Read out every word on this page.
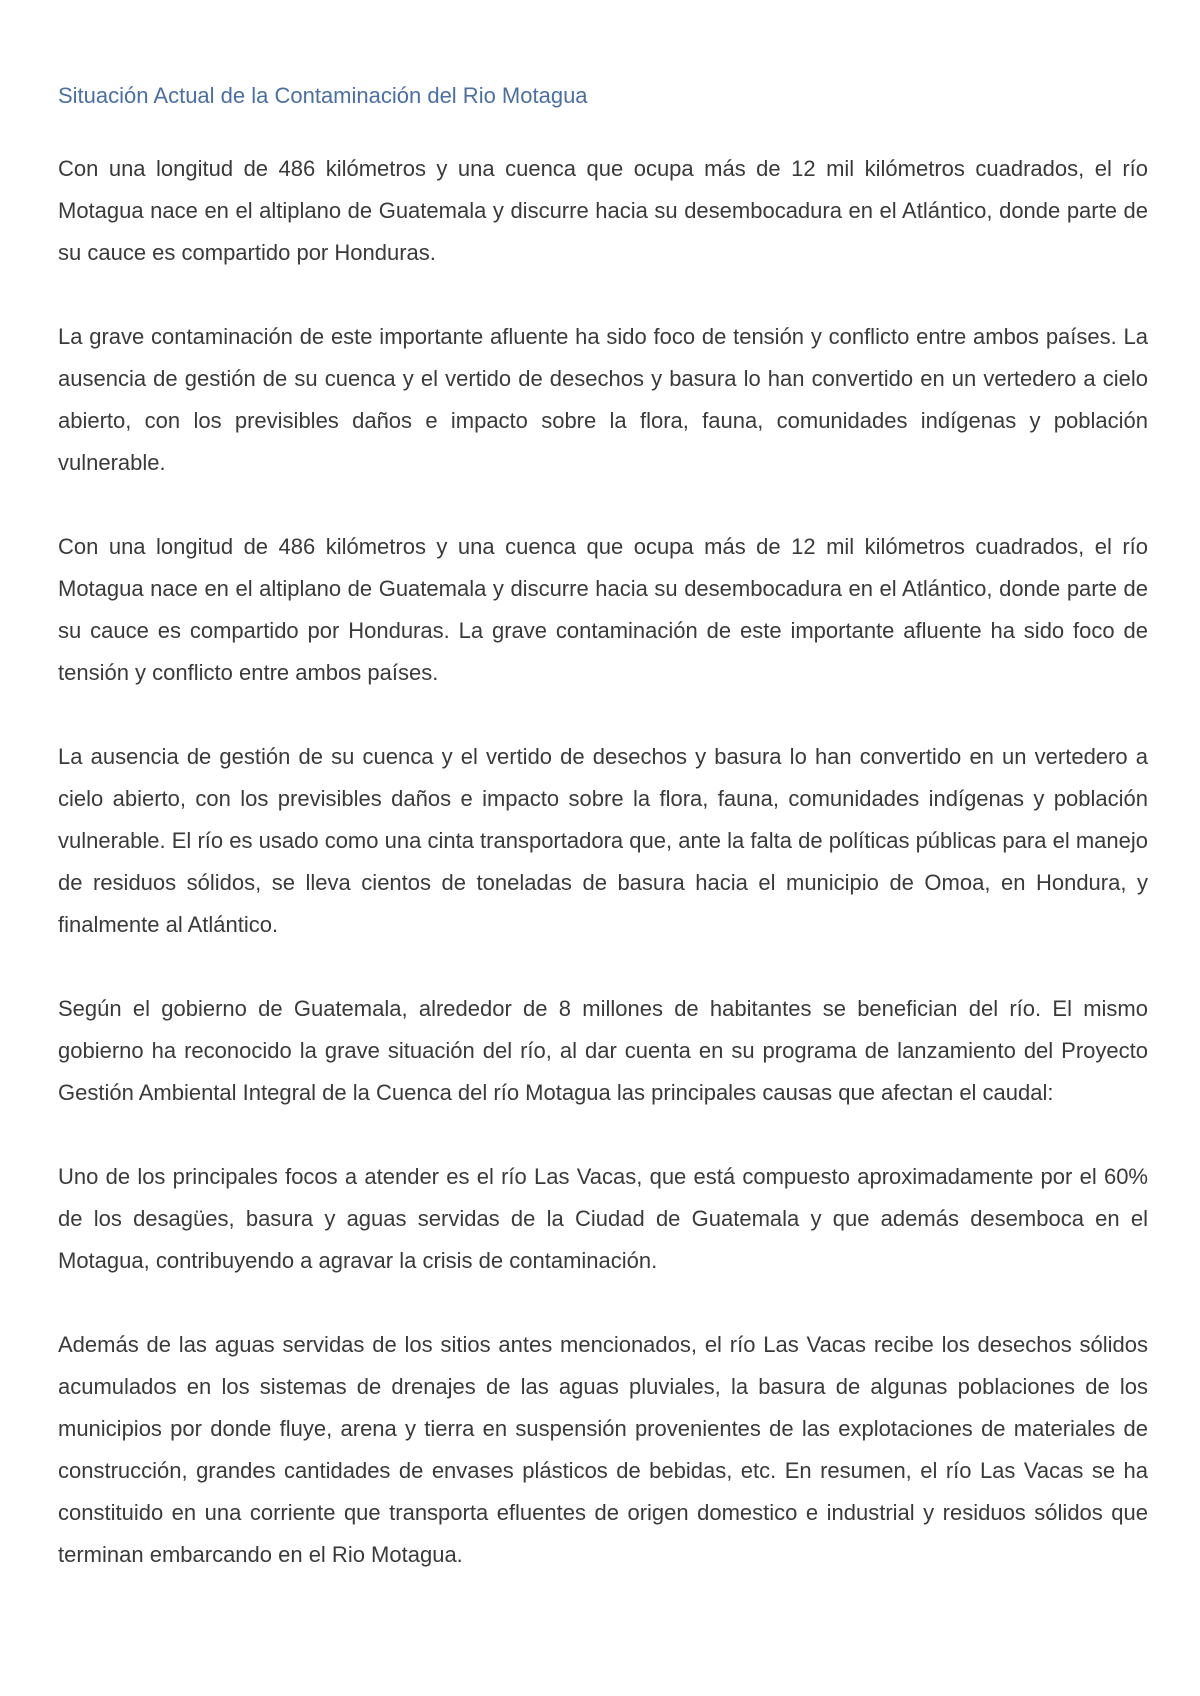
Situación Actual de la Contaminación del Rio Motagua

Con una longitud de 486 kilómetros y una cuenca que ocupa más de 12 mil kilómetros cuadrados, el río Motagua nace en el altiplano de Guatemala y discurre hacia su desembocadura en el Atlántico, donde parte de su cauce es compartido por Honduras.

La grave contaminación de este importante afluente ha sido foco de tensión y conflicto entre ambos países. La ausencia de gestión de su cuenca y el vertido de desechos y basura lo han convertido en un vertedero a cielo abierto, con los previsibles daños e impacto sobre la flora, fauna, comunidades indígenas y población vulnerable.

Con una longitud de 486 kilómetros y una cuenca que ocupa más de 12 mil kilómetros cuadrados, el río Motagua nace en el altiplano de Guatemala y discurre hacia su desembocadura en el Atlántico, donde parte de su cauce es compartido por Honduras. La grave contaminación de este importante afluente ha sido foco de tensión y conflicto entre ambos países.

La ausencia de gestión de su cuenca y el vertido de desechos y basura lo han convertido en un vertedero a cielo abierto, con los previsibles daños e impacto sobre la flora, fauna, comunidades indígenas y población vulnerable. El río es usado como una cinta transportadora que, ante la falta de políticas públicas para el manejo de residuos sólidos, se lleva cientos de toneladas de basura hacia el municipio de Omoa, en Hondura, y finalmente al Atlántico.

Según el gobierno de Guatemala, alrededor de 8 millones de habitantes se benefician del río. El mismo gobierno ha reconocido la grave situación del río, al dar cuenta en su programa de lanzamiento del Proyecto Gestión Ambiental Integral de la Cuenca del río Motagua las principales causas que afectan el caudal:

Uno de los principales focos a atender es el río Las Vacas, que está compuesto aproximadamente por el 60% de los desagües, basura y aguas servidas de la Ciudad de Guatemala y que además desemboca en el Motagua, contribuyendo a agravar la crisis de contaminación.

Además de las aguas servidas de los sitios antes mencionados, el río Las Vacas recibe los desechos sólidos acumulados en los sistemas de drenajes de las aguas pluviales, la basura de algunas poblaciones de los municipios por donde fluye, arena y tierra en suspensión provenientes de las explotaciones de materiales de construcción, grandes cantidades de envases plásticos de bebidas, etc. En resumen, el río Las Vacas se ha constituido en una corriente que transporta efluentes de origen domestico e industrial y residuos sólidos que terminan embarcando en el Rio Motagua.
